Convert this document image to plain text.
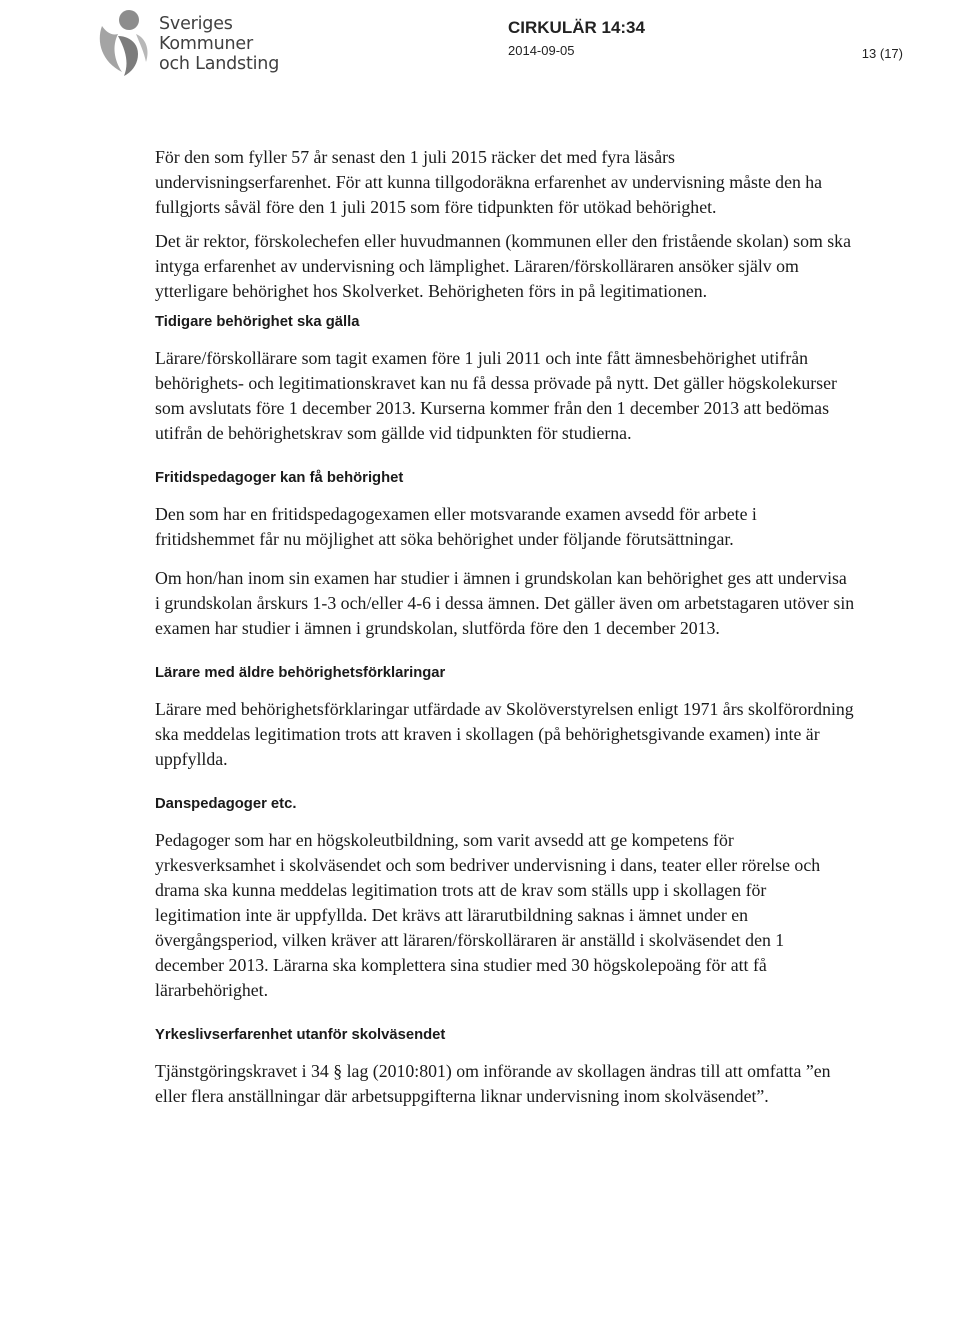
Sveriges
Kommuner
och Landsting
CIRKULÄR 14:34
2014-09-05	13 (17)

För den som fyller 57 år senast den 1 juli 2015 räcker det med fyra läsårs undervisningserfarenhet. För att kunna tillgodoräkna erfarenhet av undervisning måste den ha fullgjorts såväl före den 1 juli 2015 som före tidpunkten för utökad behörighet.

Det är rektor, förskolechefen eller huvudmannen (kommunen eller den fristående skolan) som ska intyga erfarenhet av undervisning och lämplighet. Läraren/förskolläraren ansöker själv om ytterligare behörighet hos Skolverket. Behörigheten förs in på legitimationen.

Tidigare behörighet ska gälla

Lärare/förskollärare som tagit examen före 1 juli 2011 och inte fått ämnesbehörighet utifrån behörighets- och legitimationskravet kan nu få dessa prövade på nytt. Det gäller högskolekurser som avslutats före 1 december 2013. Kurserna kommer från den 1 december 2013 att bedömas utifrån de behörighetskrav som gällde vid tidpunkten för studierna.

Fritidspedagoger kan få behörighet

Den som har en fritidspedagogexamen eller motsvarande examen avsedd för arbete i fritidshemmet får nu möjlighet att söka behörighet under följande förutsättningar.

Om hon/han inom sin examen har studier i ämnen i grundskolan kan behörighet ges att undervisa i grundskolan årskurs 1-3 och/eller 4-6 i dessa ämnen. Det gäller även om arbetstagaren utöver sin examen har studier i ämnen i grundskolan, slutförda före den 1 december 2013.

Lärare med äldre behörighetsförklaringar

Lärare med behörighetsförklaringar utfärdade av Skolöverstyrelsen enligt 1971 års skolförordning ska meddelas legitimation trots att kraven i skollagen (på behörighetsgivande examen) inte är uppfyllda.

Danspedagoger etc.

Pedagoger som har en högskoleutbildning, som varit avsedd att ge kompetens för yrkesverksamhet i skolväsendet och som bedriver undervisning i dans, teater eller rörelse och drama ska kunna meddelas legitimation trots att de krav som ställs upp i skollagen för legitimation inte är uppfyllda. Det krävs att lärarutbildning saknas i ämnet under en övergångsperiod, vilken kräver att läraren/förskolläraren är anställd i skolväsendet den 1 december 2013. Lärarna ska komplettera sina studier med 30 högskolepoäng för att få lärarbehörighet.

Yrkeslivserfarenhet utanför skolväsendet

Tjänstgöringskravet i 34 § lag (2010:801) om införande av skollagen ändras till att omfatta ”en eller flera anställningar där arbetsuppgifterna liknar undervisning inom skolväsendet”.
